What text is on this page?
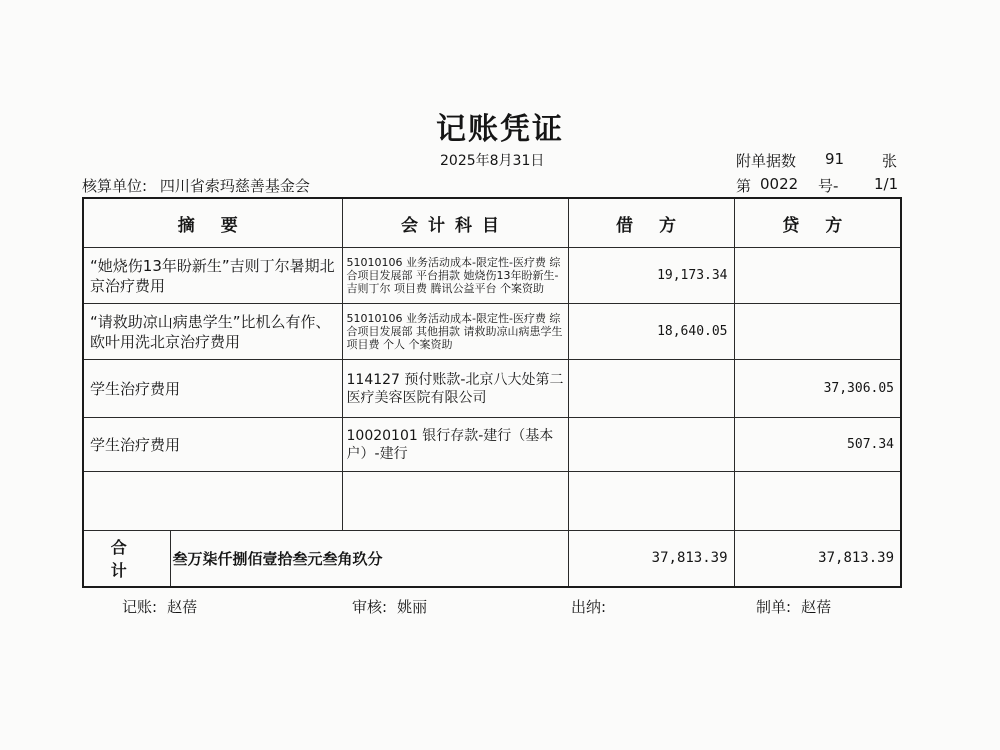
记账凭证
2025年8月31日	附单据数 91	张
核算单位: 四川省索玛慈善基金会	第 0022 号- 1/1
摘 要		会计科目	借 方	贷 方
“她烧伤13年盼新生”吉则丁尔暑期北京治疗费用		51010106 业务活动成本-限定性-医疗费 综合项目发展部 平台捐款 她烧伤13年盼新生-吉则丁尔 项目费 腾讯公益平台 个案资助	19,173.34	
“请救助凉山病患学生”比机么有作、欧叶用洗北京治疗费用		51010106 业务活动成本-限定性-医疗费 综合项目发展部 其他捐款 请救助凉山病患学生 项目费 个人 个案资助	18,640.05	
学生治疗费用		114127 预付账款-北京八大处第二医疗美容医院有限公司		37,306.05
学生治疗费用		10020101 银行存款-建行（基本户）-建行		507.34

合 计	叁万柒仟捌佰壹拾叁元叁角玖分		37,813.39	37,813.39
记账: 赵蓓	审核: 姚丽	出纳:	制单: 赵蓓
